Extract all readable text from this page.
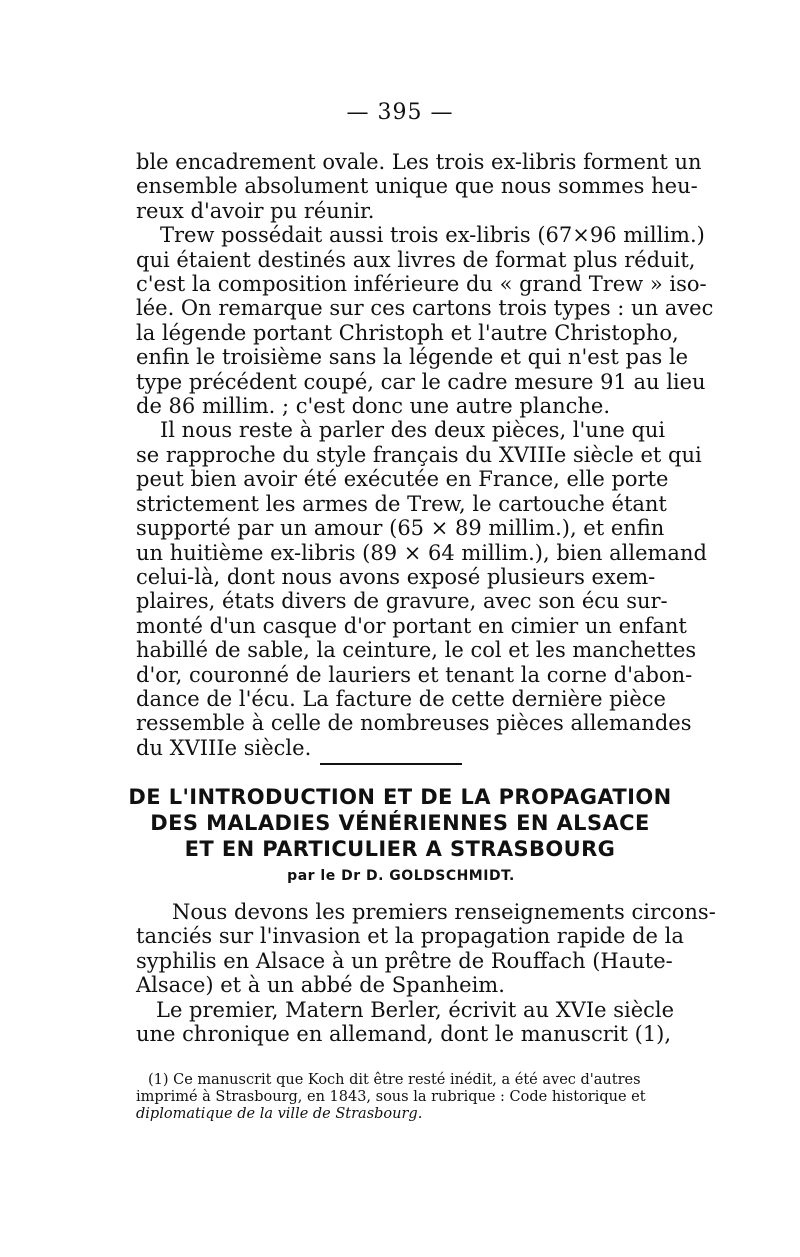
— 395 —
ble encadrement ovale. Les trois ex-libris forment un
ensemble absolument unique que nous sommes heu-
reux d'avoir pu réunir.
Trew possédait aussi trois ex-libris (67×96 millim.)
qui étaient destinés aux livres de format plus réduit,
c'est la composition inférieure du « grand Trew » iso-
lée. On remarque sur ces cartons trois types : un avec
la légende portant Christoph et l'autre Christopho,
enfin le troisième sans la légende et qui n'est pas le
type précédent coupé, car le cadre mesure 91 au lieu
de 86 millim. ; c'est donc une autre planche.
Il nous reste à parler des deux pièces, l'une qui
se rapproche du style français du XVIIIe siècle et qui
peut bien avoir été exécutée en France, elle porte
strictement les armes de Trew, le cartouche étant
supporté par un amour (65 × 89 millim.), et enfin
un huitième ex-libris (89 × 64 millim.), bien allemand
celui-là, dont nous avons exposé plusieurs exem-
plaires, états divers de gravure, avec son écu sur-
monté d'un casque d'or portant en cimier un enfant
habillé de sable, la ceinture, le col et les manchettes
d'or, couronné de lauriers et tenant la corne d'abon-
dance de l'écu. La facture de cette dernière pièce
ressemble à celle de nombreuses pièces allemandes
du XVIIIe siècle.
DE L'INTRODUCTION ET DE LA PROPAGATION
DES MALADIES VÉNÉRIENNES EN ALSACE
ET EN PARTICULIER A STRASBOURG
par le Dr D. GOLDSCHMIDT.
Nous devons les premiers renseignements circons-
tanciés sur l'invasion et la propagation rapide de la
syphilis en Alsace à un prêtre de Rouffach (Haute-
Alsace) et à un abbé de Spanheim.
Le premier, Matern Berler, écrivit au XVIe siècle
une chronique en allemand, dont le manuscrit (1),
(1) Ce manuscrit que Koch dit être resté inédit, a été avec d'autres
imprimé à Strasbourg, en 1843, sous la rubrique : Code historique et
diplomatique de la ville de Strasbourg.
